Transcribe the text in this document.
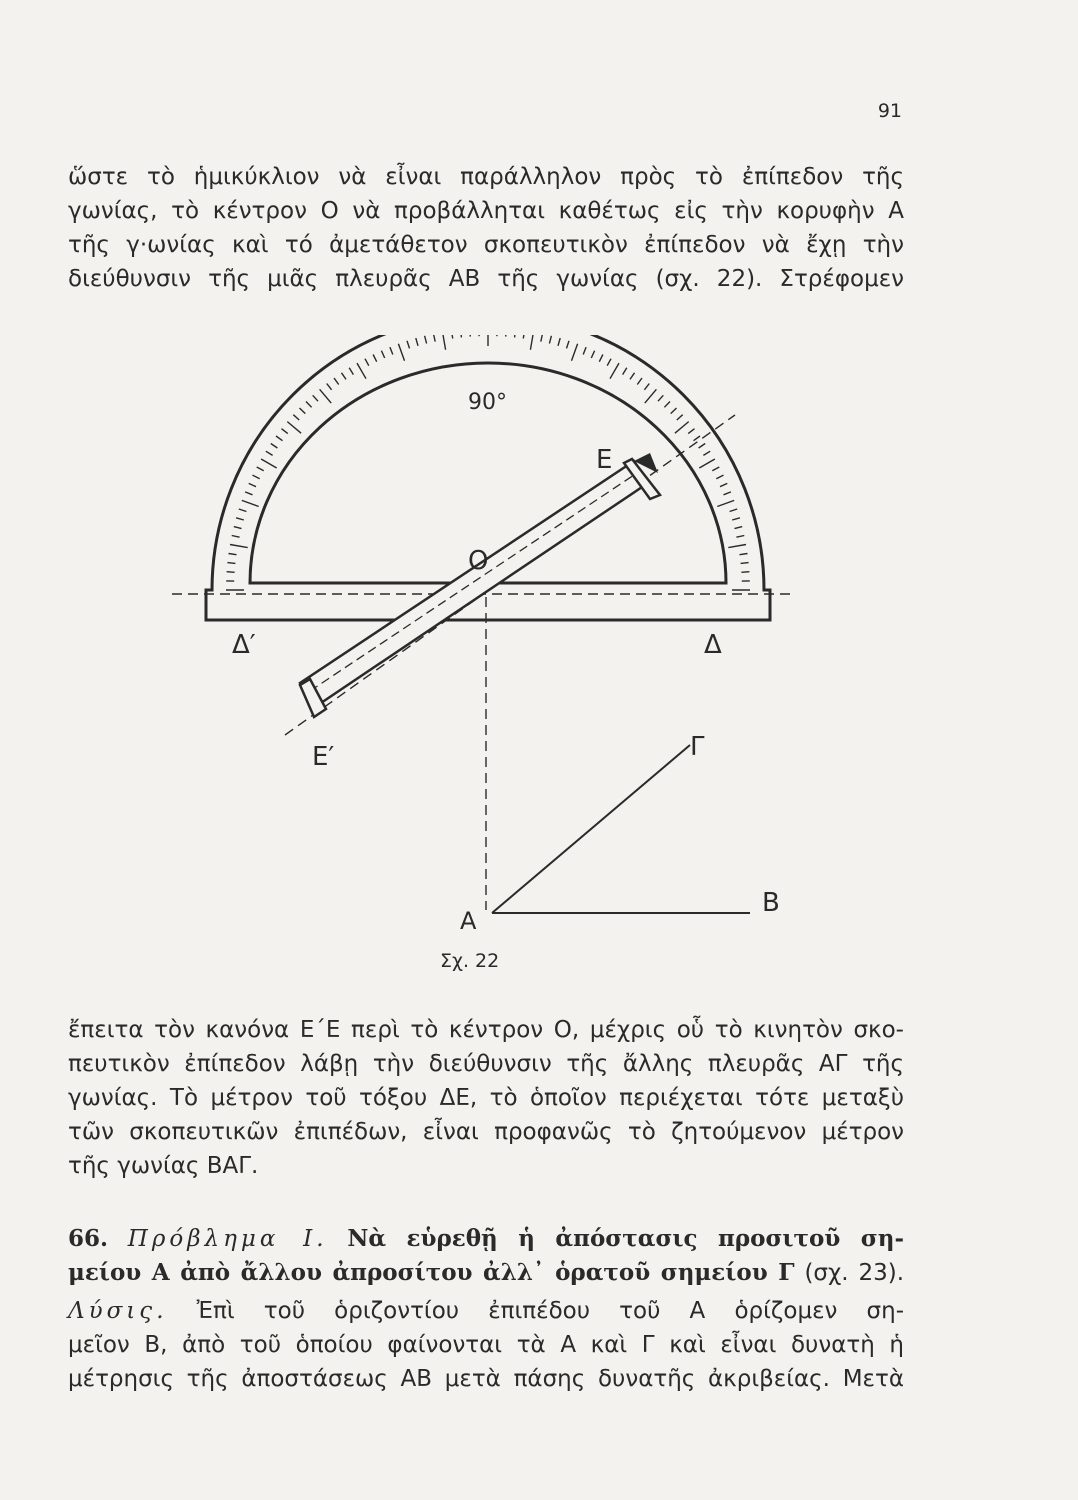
91
ὥστε τὸ ἡμικύκλιον νὰ εἶναι παράλληλον πρὸς τὸ ἐπίπεδον τῆς
γωνίας, τὸ κέντρον Ο νὰ προβάλληται καθέτως εἰς τὴν κορυφὴν Α
τῆς γ·ωνίας καὶ τό ἀμετάθετον σκοπευτικὸν ἐπίπεδον νὰ ἔχῃ τὴν
διεύθυνσιν τῆς μιᾶς πλευρᾶς ΑΒ τῆς γωνίας (σχ. 22). Στρέφομεν
90°
Ε
Ο
Δ′	Δ
Ε′	Γ
Α
Β
Σχ. 22
ἔπειτα τὸν κανόνα Ε΄Ε περὶ τὸ κέντρον Ο, μέχρις οὗ τὸ κινητὸν σκο-
πευτικὸν ἐπίπεδον λάβῃ τὴν διεύθυνσιν τῆς ἄλλης πλευρᾶς ΑΓ τῆς
γωνίας. Τὸ μέτρον τοῦ τόξου ΔΕ, τὸ ὁποῖον περιέχεται τότε μεταξὺ
τῶν σκοπευτικῶν ἐπιπέδων, εἶναι προφανῶς τὸ ζητούμενον μέτρον
τῆς γωνίας ΒΑΓ.
66. Πρόβλημα Ι. Νὰ εὑρεθῇ ἡ ἀπόστασις προσιτοῦ ση-
μείου Α ἀπὸ ἄλλου ἀπροσίτου ἀλλ᾽ ὁρατοῦ σημείου Γ (σχ. 23).
Λύσις. Ἐπὶ τοῦ ὁριζοντίου ἐπιπέδου τοῦ Α ὁρίζομεν ση-
μεῖον Β, ἀπὸ τοῦ ὁποίου φαίνονται τὰ Α καὶ Γ καὶ εἶναι δυνατὴ ἡ
μέτρησις τῆς ἀποστάσεως ΑΒ μετὰ πάσης δυνατῆς ἀκριβείας. Μετὰ
